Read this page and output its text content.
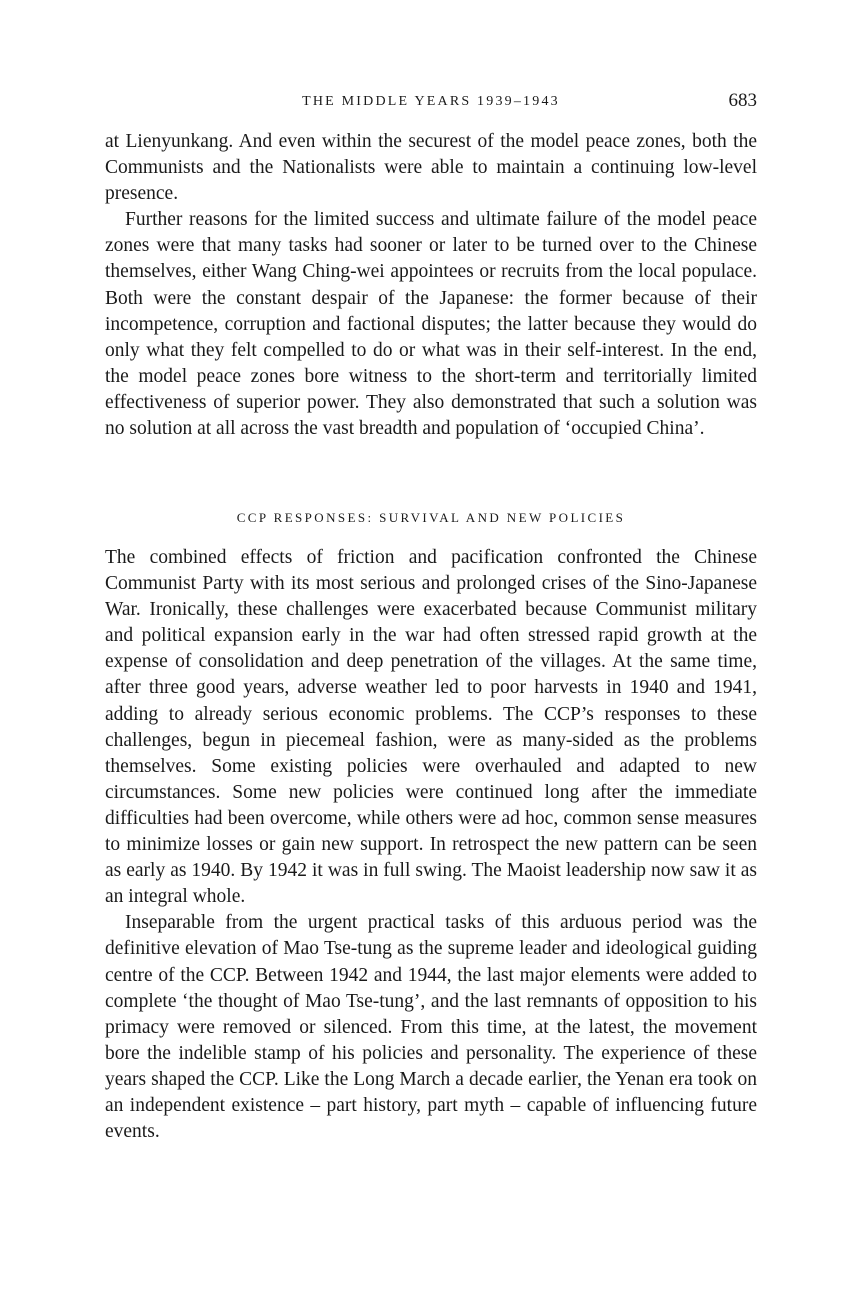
THE MIDDLE YEARS 1939–1943	683

at Lienyunkang. And even within the securest of the model peace zones, both the Communists and the Nationalists were able to maintain a continuing low-level presence.

Further reasons for the limited success and ultimate failure of the model peace zones were that many tasks had sooner or later to be turned over to the Chinese themselves, either Wang Ching-wei appointees or recruits from the local populace. Both were the constant despair of the Japanese: the former because of their incompetence, corruption and factional disputes; the latter because they would do only what they felt compelled to do or what was in their self-interest. In the end, the model peace zones bore witness to the short-term and territorially limited effectiveness of superior power. They also demonstrated that such a solution was no solution at all across the vast breadth and population of ‘occupied China’.

CCP RESPONSES: SURVIVAL AND NEW POLICIES

The combined effects of friction and pacification confronted the Chinese Communist Party with its most serious and prolonged crises of the Sino-Japanese War. Ironically, these challenges were exacerbated because Communist military and political expansion early in the war had often stressed rapid growth at the expense of consolidation and deep penetration of the villages. At the same time, after three good years, adverse weather led to poor harvests in 1940 and 1941, adding to already serious economic problems. The CCP’s responses to these challenges, begun in piecemeal fashion, were as many-sided as the problems themselves. Some existing policies were overhauled and adapted to new circumstances. Some new policies were continued long after the immediate difficulties had been overcome, while others were ad hoc, common sense measures to minimize losses or gain new support. In retrospect the new pattern can be seen as early as 1940. By 1942 it was in full swing. The Maoist leadership now saw it as an integral whole.

Inseparable from the urgent practical tasks of this arduous period was the definitive elevation of Mao Tse-tung as the supreme leader and ideological guiding centre of the CCP. Between 1942 and 1944, the last major elements were added to complete ‘the thought of Mao Tse-tung’, and the last remnants of opposition to his primacy were removed or silenced. From this time, at the latest, the movement bore the indelible stamp of his policies and personality. The experience of these years shaped the CCP. Like the Long March a decade earlier, the Yenan era took on an independent existence – part history, part myth – capable of influencing future events.
